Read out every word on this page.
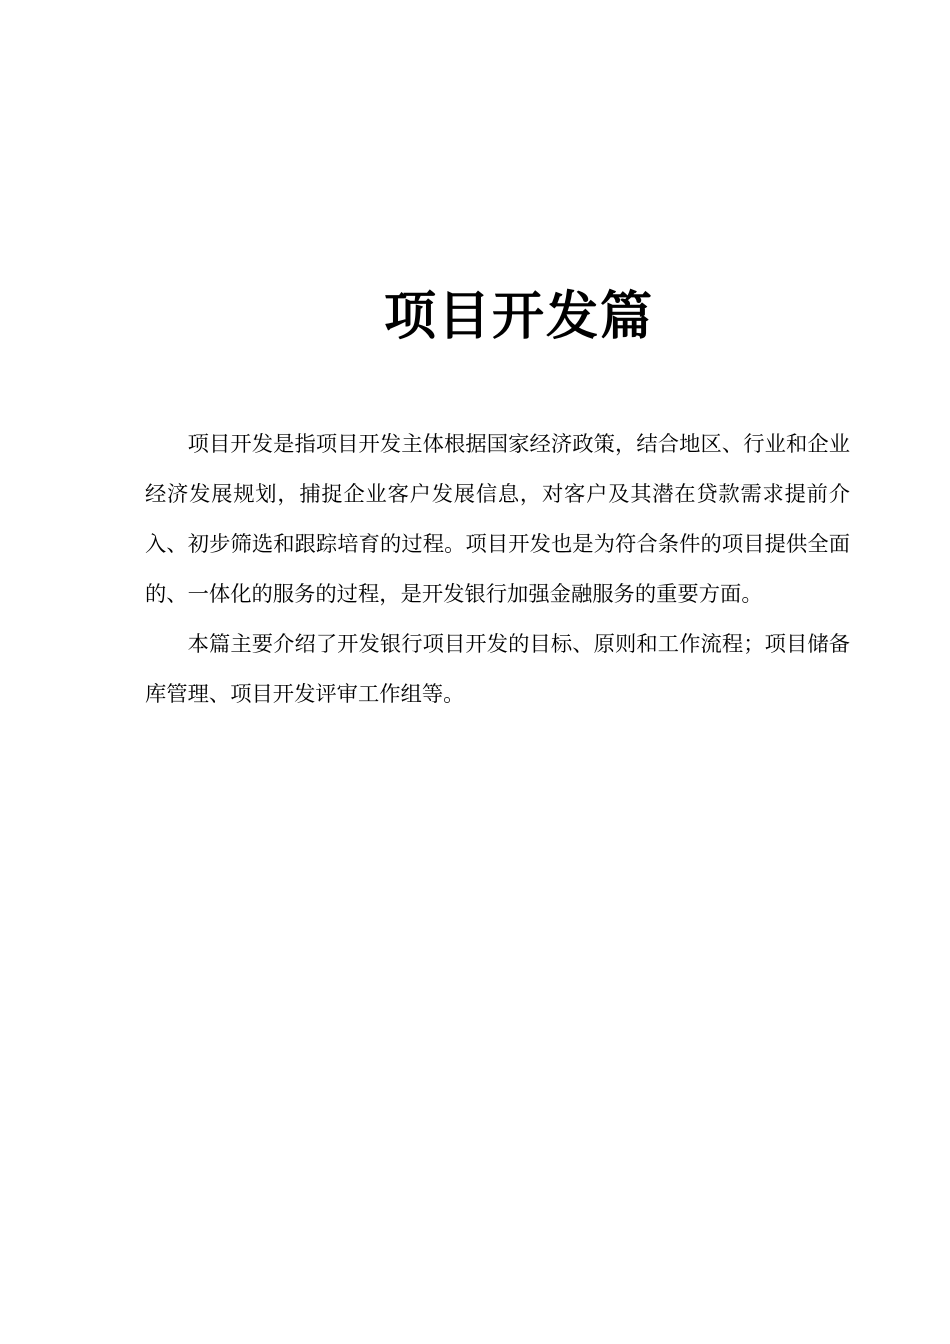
项目开发篇

项目开发是指项目开发主体根据国家经济政策，结合地区、行业和企业经济发展规划，捕捉企业客户发展信息，对客户及其潜在贷款需求提前介入、初步筛选和跟踪培育的过程。项目开发也是为符合条件的项目提供全面的、一体化的服务的过程，是开发银行加强金融服务的重要方面。

本篇主要介绍了开发银行项目开发的目标、原则和工作流程；项目储备库管理、项目开发评审工作组等。
